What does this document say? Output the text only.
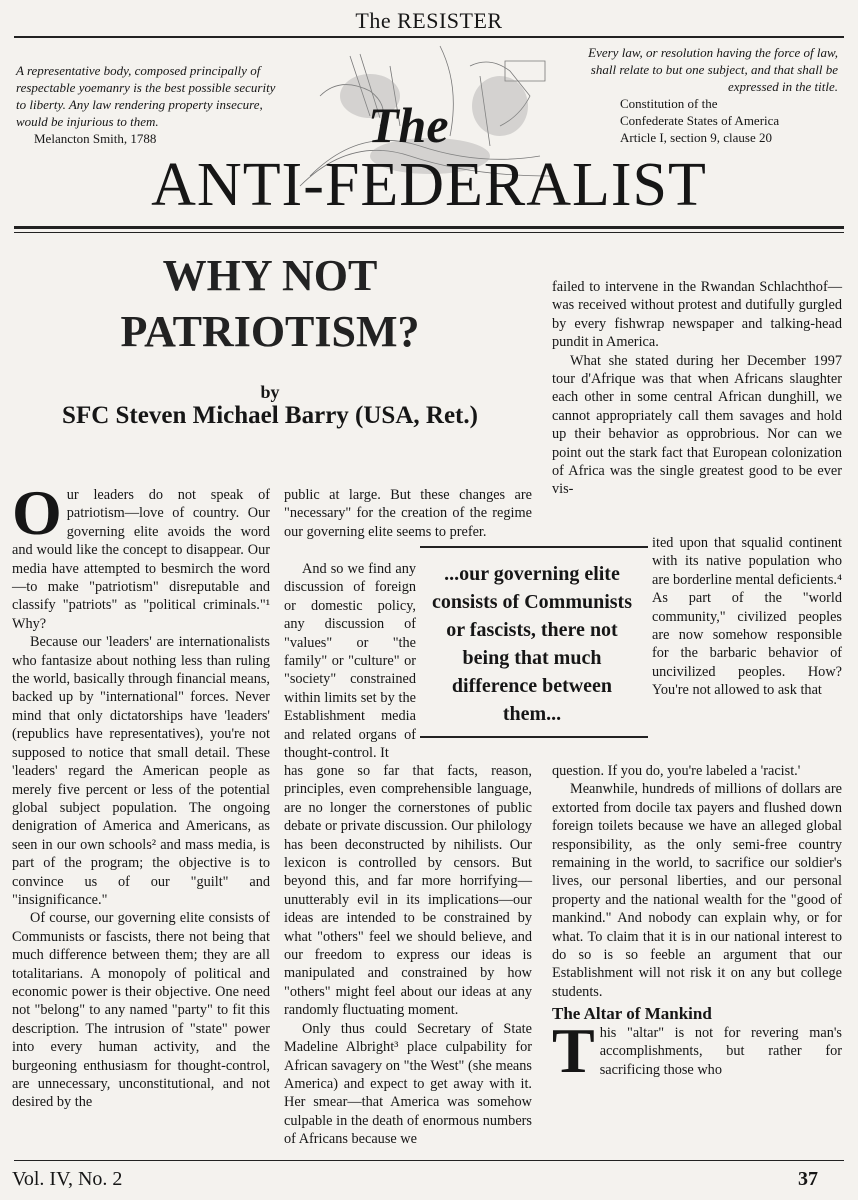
The RESISTER
The
A representative body, composed principally of respectable yoemanry is the best possible security to liberty. Any law rendering property insecure, would be injurious to them.
Melancton Smith, 1788
Every law, or resolution having the force of law, shall relate to but one subject, and that shall be expressed in the title.
Constitution of the
Confederate States of America
Article I, section 9, clause 20
ANTI-FEDERALIST
WHY NOT
PATRIOTISM?
by
SFC Steven Michael Barry (USA, Ret.)

Our leaders do not speak of patriotism—love of country. Our governing elite avoids the word and would like the concept to disappear. Our media have attempted to besmirch the word—to make "patriotism" disreputable and classify "patriots" as "political criminals."¹ Why?

Because our 'leaders' are internationalists who fantasize about nothing less than ruling the world, basically through financial means, backed up by "international" forces. Never mind that only dictatorships have 'leaders' (republics have representatives), you're not supposed to notice that small detail. These 'leaders' regard the American people as merely five percent or less of the potential global subject population. The ongoing denigration of America and Americans, as seen in our own schools² and mass media, is part of the program; the objective is to convince us of our "guilt" and "insignificance."

Of course, our governing elite consists of Communists or fascists, there not being that much difference between them; they are all totalitarians. A monopoly of political and economic power is their objective. One need not "belong" to any named "party" to fit this description. The intrusion of "state" power into every human activity, and the burgeoning enthusiasm for thought-control, are unnecessary, unconstitutional, and not desired by the

public at large. But these changes are "necessary" for the creation of the regime our governing elite seems to prefer.

And so we find any discussion of foreign or domestic policy, any discussion of "values" or "the family" or "culture" or "society" constrained within limits set by the Establishment media and related organs of thought-control. It

has gone so far that facts, reason, principles, even comprehensible language, are no longer the cornerstones of public debate or private discussion. Our philology has been deconstructed by nihilists. Our lexicon is controlled by censors. But beyond this, and far more horrifying—unutterably evil in its implications—our ideas are intended to be constrained by what "others" feel we should believe, and our freedom to express our ideas is manipulated and constrained by how "others" might feel about our ideas at any randomly fluctuating moment.

Only thus could Secretary of State Madeline Albright³ place culpability for African savagery on "the West" (she means America) and expect to get away with it. Her smear—that America was somehow culpable in the death of enormous numbers of Africans because we

...our governing elite consists of Communists or fascists, there not being that much difference between them...

failed to intervene in the Rwandan Schlachthof—was received without protest and dutifully gurgled by every fishwrap newspaper and talking-head pundit in America.

What she stated during her December 1997 tour d'Afrique was that when Africans slaughter each other in some central African dunghill, we cannot appropriately call them savages and hold up their behavior as opprobrious. Nor can we point out the stark fact that European colonization of Africa was the single greatest good to be ever vis-

ited upon that squalid continent with its native population who are borderline mental deficients.⁴ As part of the "world community," civilized peoples are now somehow responsible for the barbaric behavior of uncivilized peoples. How? You're not allowed to ask that

question. If you do, you're labeled a 'racist.'

Meanwhile, hundreds of millions of dollars are extorted from docile tax payers and flushed down foreign toilets because we have an alleged global responsibility, as the only semi-free country remaining in the world, to sacrifice our soldier's lives, our personal liberties, and our personal property and the national wealth for the "good of mankind." And nobody can explain why, or for what. To claim that it is in our national interest to do so is so feeble an argument that our Establishment will not risk it on any but college students.

The Altar of Mankind

This "altar" is not for revering man's accomplishments, but rather for sacrificing those who

Vol. IV, No. 2	37
